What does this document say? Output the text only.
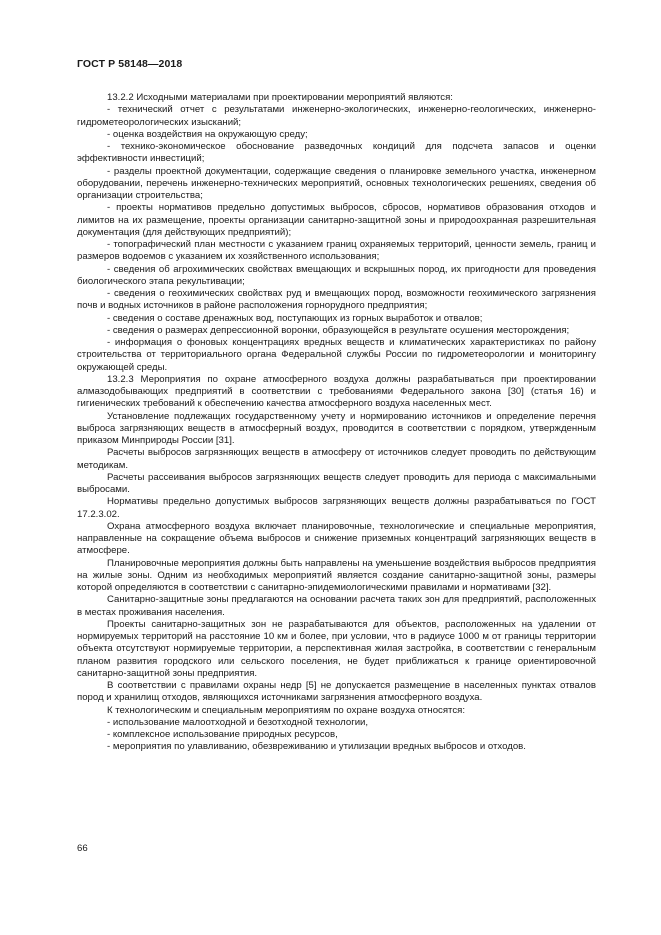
ГОСТ Р 58148—2018

13.2.2 Исходными материалами при проектировании мероприятий являются:

- технический отчет с результатами инженерно-экологических, инженерно-геологических, инженерно- гидрометеорологических изысканий;

- оценка воздействия на окружающую среду;

- технико-экономическое обоснование разведочных кондиций для подсчета запасов и оценки эффективности инвестиций;

- разделы проектной документации, содержащие сведения о планировке земельного участка, инженерном оборудовании, перечень инженерно-технических мероприятий, основных технологических решениях, сведения об организации строительства;

- проекты нормативов предельно допустимых выбросов, сбросов, нормативов образования отходов и лимитов на их размещение, проекты организации санитарно-защитной зоны и природоохранная разрешительная документация (для действующих предприятий);

- топографический план местности с указанием границ охраняемых территорий, ценности земель, границ и размеров водоемов с указанием их хозяйственного использования;

- сведения об агрохимических свойствах вмещающих и вскрышных пород, их пригодности для проведения биологического этапа рекультивации;

- сведения о геохимических свойствах руд и вмещающих пород, возможности геохимического загрязнения почв и водных источников в районе расположения горнорудного предприятия;

- сведения о составе дренажных вод, поступающих из горных выработок и отвалов;

- сведения о размерах депрессионной воронки, образующейся в результате осушения месторождения;

- информация о фоновых концентрациях вредных веществ и климатических характеристиках по району строительства от территориального органа Федеральной службы России по гидрометеорологии и мониторингу окружающей среды.

13.2.3 Мероприятия по охране атмосферного воздуха должны разрабатываться при проектировании алмазодобывающих предприятий в соответствии с требованиями Федерального закона [30] (статья 16) и гигиенических требований к обеспечению качества атмосферного воздуха населенных мест.

Установление подлежащих государственному учету и нормированию источников и определение перечня выброса загрязняющих веществ в атмосферный воздух, проводится в соответствии с порядком, утвержденным приказом Минприроды России [31].

Расчеты выбросов загрязняющих веществ в атмосферу от источников следует проводить по действующим методикам.

Расчеты рассеивания выбросов загрязняющих веществ следует проводить для периода с максимальными выбросами.

Нормативы предельно допустимых выбросов загрязняющих веществ должны разрабатываться по ГОСТ 17.2.3.02.

Охрана атмосферного воздуха включает планировочные, технологические и специальные мероприятия, направленные на сокращение объема выбросов и снижение приземных концентраций загрязняющих веществ в атмосфере.

Планировочные мероприятия должны быть направлены на уменьшение воздействия выбросов предприятия на жилые зоны. Одним из необходимых мероприятий является создание санитарно-защитной зоны, размеры которой определяются в соответствии с санитарно-эпидемиологическими правилами и нормативами [32].

Санитарно-защитные зоны предлагаются на основании расчета таких зон для предприятий, расположенных в местах проживания населения.

Проекты санитарно-защитных зон не разрабатываются для объектов, расположенных на удалении от нормируемых территорий на расстояние 10 км и более, при условии, что в радиусе 1000 м от границы территории объекта отсутствуют нормируемые территории, а перспективная жилая застройка, в соответствии с генеральным планом развития городского или сельского поселения, не будет приближаться к границе ориентировочной санитарно-защитной зоны предприятия.

В соответствии с правилами охраны недр [5] не допускается размещение в населенных пунктах отвалов пород и хранилищ отходов, являющихся источниками загрязнения атмосферного воздуха.

К технологическим и специальным мероприятиям по охране воздуха относятся:

- использование малоотходной и безотходной технологии,

- комплексное использование природных ресурсов,

- мероприятия по улавливанию, обезвреживанию и утилизации вредных выбросов и отходов.

66
